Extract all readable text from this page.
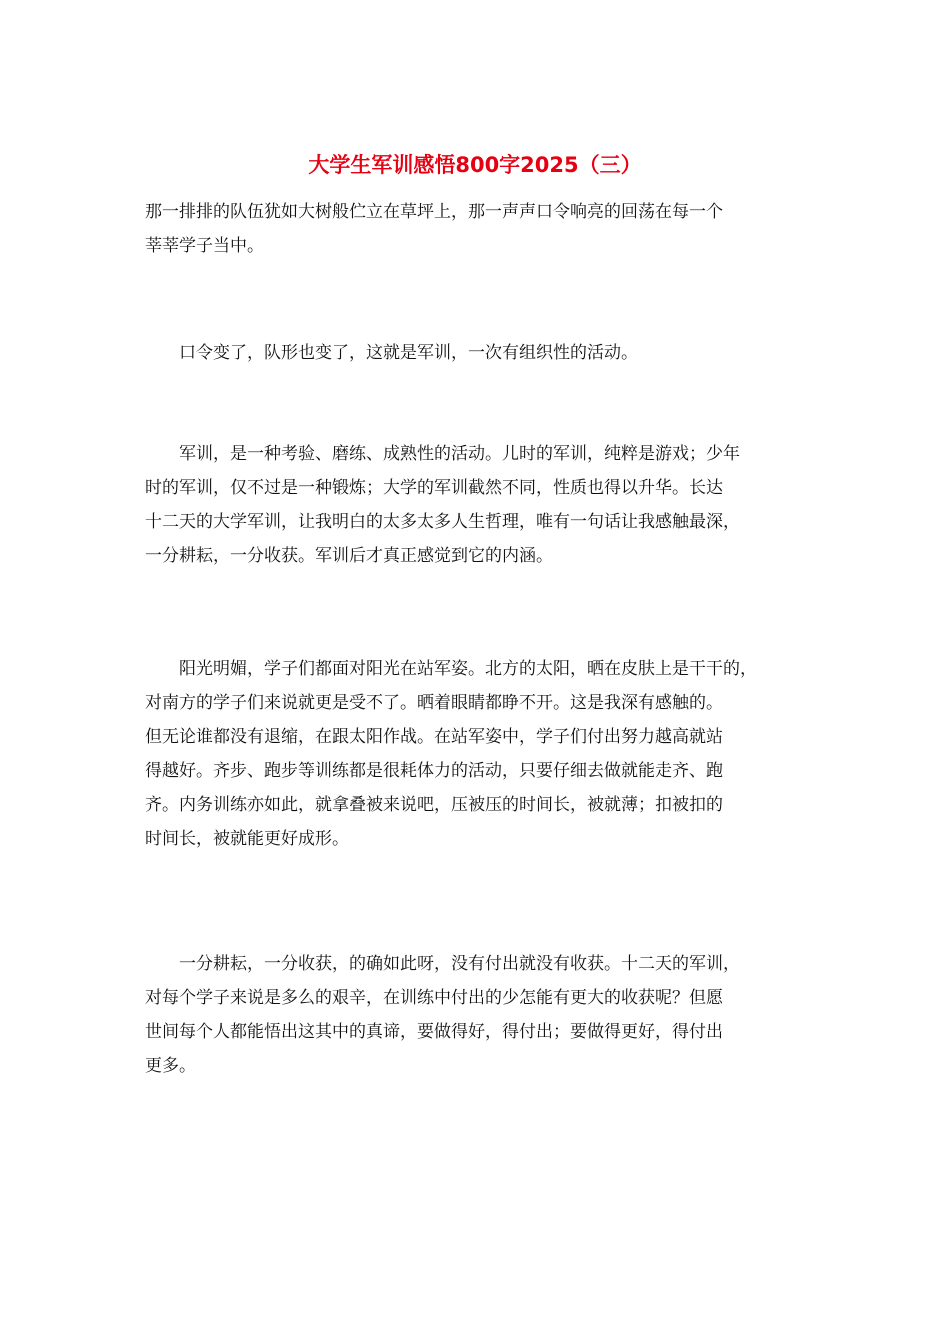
大学生军训感悟800字2025（三）
那一排排的队伍犹如大树般伫立在草坪上，那一声声口令响亮的回荡在每一个
莘莘学子当中。
　　口令变了，队形也变了，这就是军训，一次有组织性的活动。
　　军训，是一种考验、磨练、成熟性的活动。儿时的军训，纯粹是游戏；少年
时的军训，仅不过是一种锻炼；大学的军训截然不同，性质也得以升华。长达
十二天的大学军训，让我明白的太多太多人生哲理，唯有一句话让我感触最深，
一分耕耘，一分收获。军训后才真正感觉到它的内涵。
　　阳光明媚，学子们都面对阳光在站军姿。北方的太阳，晒在皮肤上是干干的，
对南方的学子们来说就更是受不了。晒着眼睛都睁不开。这是我深有感触的。
但无论谁都没有退缩，在跟太阳作战。在站军姿中，学子们付出努力越高就站
得越好。齐步、跑步等训练都是很耗体力的活动，只要仔细去做就能走齐、跑
齐。内务训练亦如此，就拿叠被来说吧，压被压的时间长，被就薄；扣被扣的
时间长，被就能更好成形。
　　一分耕耘，一分收获，的确如此呀，没有付出就没有收获。十二天的军训，
对每个学子来说是多么的艰辛，在训练中付出的少怎能有更大的收获呢？但愿
世间每个人都能悟出这其中的真谛，要做得好，得付出；要做得更好，得付出
更多。
